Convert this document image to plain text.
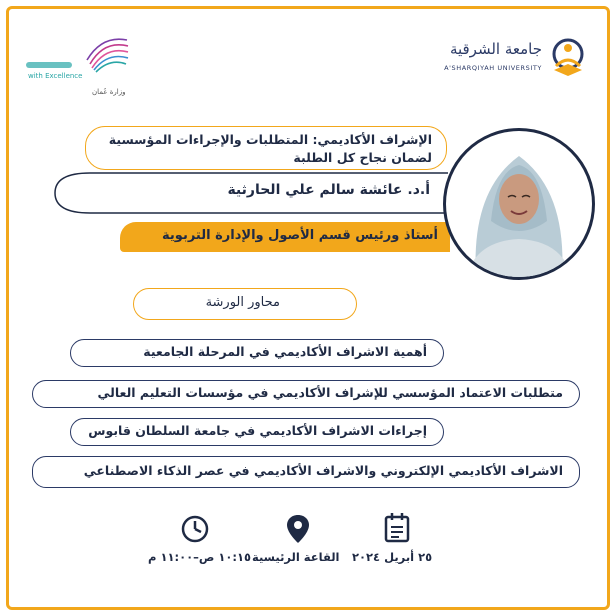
جامعة الشرقية
A'SHARQIYAH UNIVERSITY
with Excellence
وزارة عُمان
الإشراف الأكاديمي: المتطلبات والإجراءات المؤسسية
لضمان نجاح كل الطلبة
أ.د. عائشة سالم علي الحارثية
أستاذ ورئيس قسم الأصول والإدارة التربوية
محاور الورشة
أهمية الاشراف الأكاديمي في المرحلة الجامعية
متطلبات الاعتماد المؤسسي للإشراف الأكاديمي في مؤسسات التعليم العالي
إجراءات الاشراف الأكاديمي في جامعة السلطان قابوس
الاشراف الأكاديمي الإلكتروني والاشراف الأكاديمي في عصر الذكاء الاصطناعي
١٠:١٥ ص–١١:٠٠ م القاعة الرئيسية ٢٥ أبريل ٢٠٢٤
